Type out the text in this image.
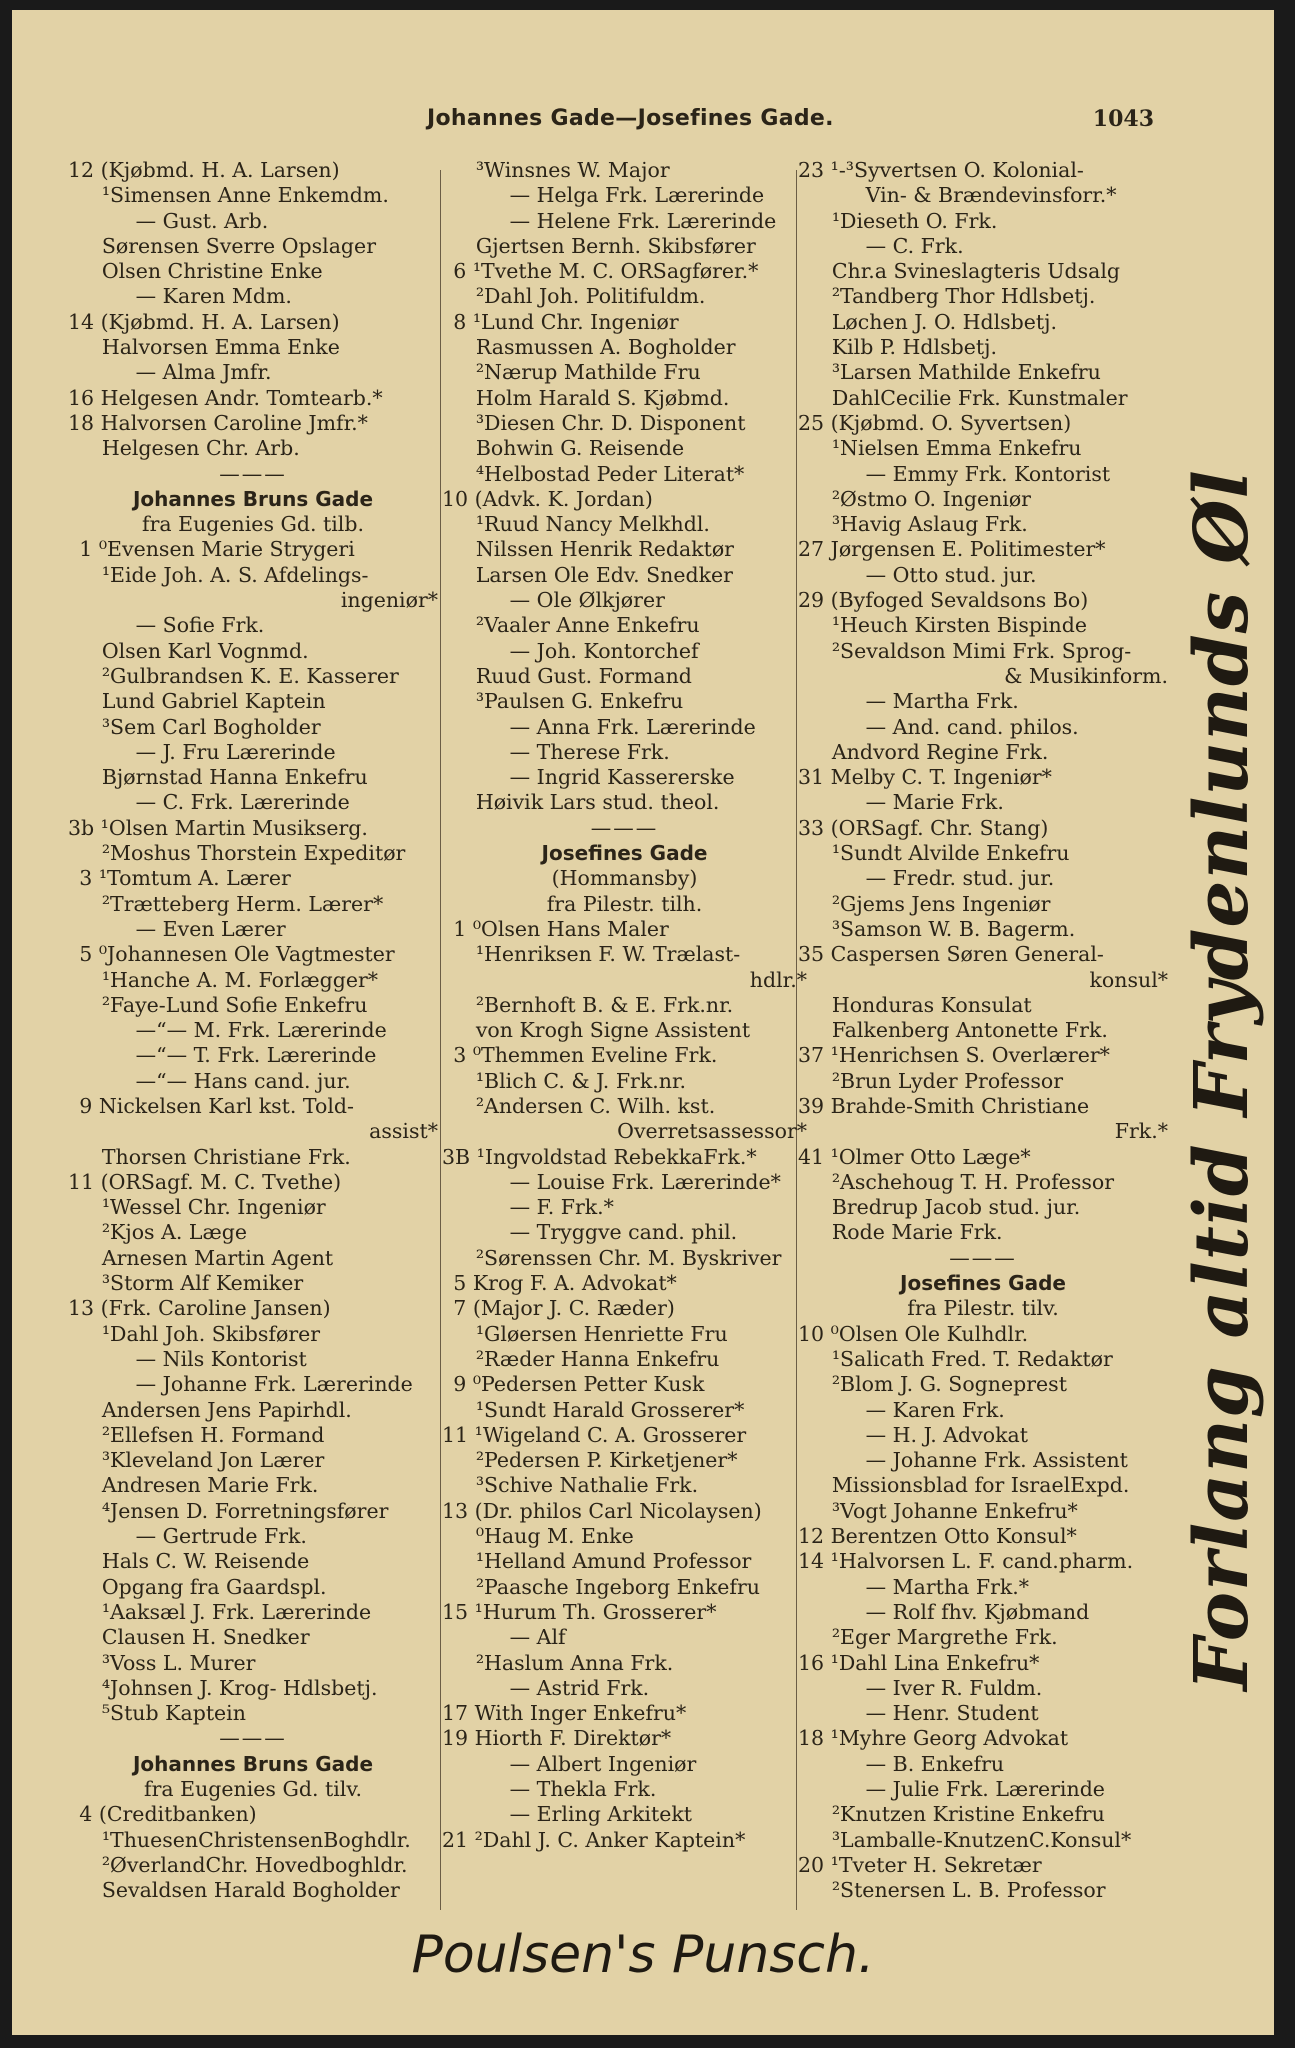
Johannes Gade—Josefines Gade.	1043
12 (Kjøbmd. H. A. Larsen)
¹Simensen Anne Enkemdm.
— Gust. Arb.
Sørensen Sverre Opslager
Olsen Christine Enke
— Karen Mdm.
14 (Kjøbmd. H. A. Larsen)
Halvorsen Emma Enke
— Alma Jmfr.
16 Helgesen Andr. Tomtearb.*
18 Halvorsen Caroline Jmfr.*
Helgesen Chr. Arb.
———
Johannes Bruns Gade
fra Eugenies Gd. tilb.
1 ⁰Evensen Marie Strygeri
¹Eide Joh. A. S. Afdelings-
ingeniør*
— Sofie Frk.
Olsen Karl Vognmd.
²Gulbrandsen K. E. Kasserer
Lund Gabriel Kaptein
³Sem Carl Bogholder
— J. Fru Lærerinde
Bjørnstad Hanna Enkefru
— C. Frk. Lærerinde
3b ¹Olsen Martin Musikserg.
²Moshus Thorstein Expeditør
3 ¹Tomtum A. Lærer
²Trætteberg Herm. Lærer*
— Even Lærer
5 ⁰Johannesen Ole Vagtmester
¹Hanche A. M. Forlægger*
²Faye-Lund Sofie Enkefru
—“— M. Frk. Lærerinde
—“— T. Frk. Lærerinde
—“— Hans cand. jur.
9 Nickelsen Karl kst. Told-
assist*
Thorsen Christiane Frk.
11 (ORSagf. M. C. Tvethe)
¹Wessel Chr. Ingeniør
²Kjos A. Læge
Arnesen Martin Agent
³Storm Alf Kemiker
13 (Frk. Caroline Jansen)
¹Dahl Joh. Skibsfører
— Nils Kontorist
— Johanne Frk. Lærerinde
Andersen Jens Papirhdl.
²Ellefsen H. Formand
³Kleveland Jon Lærer
Andresen Marie Frk.
⁴Jensen D. Forretningsfører
— Gertrude Frk.
Hals C. W. Reisende
Opgang fra Gaardspl.
¹Aaksæl J. Frk. Lærerinde
Clausen H. Snedker
³Voss L. Murer
⁴Johnsen J. Krog- Hdlsbetj.
⁵Stub Kaptein
———
Johannes Bruns Gade
fra Eugenies Gd. tilv.
4 (Creditbanken)
¹ThuesenChristensenBoghdlr.
²ØverlandChr. Hovedboghldr.
Sevaldsen Harald Bogholder
³Winsnes W. Major
— Helga Frk. Lærerinde
— Helene Frk. Lærerinde
Gjertsen Bernh. Skibsfører
6 ¹Tvethe M. C. ORSagfører.*
²Dahl Joh. Politifuldm.
8 ¹Lund Chr. Ingeniør
Rasmussen A. Bogholder
²Nærup Mathilde Fru
Holm Harald S. Kjøbmd.
³Diesen Chr. D. Disponent
Bohwin G. Reisende
⁴Helbostad Peder Literat*
10 (Advk. K. Jordan)
¹Ruud Nancy Melkhdl.
Nilssen Henrik Redaktør
Larsen Ole Edv. Snedker
— Ole Ølkjører
²Vaaler Anne Enkefru
— Joh. Kontorchef
Ruud Gust. Formand
³Paulsen G. Enkefru
— Anna Frk. Lærerinde
— Therese Frk.
— Ingrid Kassererske
Høivik Lars stud. theol.
———
Josefines Gade
(Hommansby)
fra Pilestr. tilh.
1 ⁰Olsen Hans Maler
¹Henriksen F. W. Trælast-
hdlr.*
²Bernhoft B. & E. Frk.nr.
von Krogh Signe Assistent
3 ⁰Themmen Eveline Frk.
¹Blich C. & J. Frk.nr.
²Andersen C. Wilh. kst.
Overretsassessor*
3B ¹Ingvoldstad RebekkaFrk.*
— Louise Frk. Lærerinde*
— F. Frk.*
— Tryggve cand. phil.
²Sørenssen Chr. M. Byskriver
5 Krog F. A. Advokat*
7 (Major J. C. Ræder)
¹Gløersen Henriette Fru
²Ræder Hanna Enkefru
9 ⁰Pedersen Petter Kusk
¹Sundt Harald Grosserer*
11 ¹Wigeland C. A. Grosserer
²Pedersen P. Kirketjener*
³Schive Nathalie Frk.
13 (Dr. philos Carl Nicolaysen)
⁰Haug M. Enke
¹Helland Amund Professor
²Paasche Ingeborg Enkefru
15 ¹Hurum Th. Grosserer*
— Alf
²Haslum Anna Frk.
— Astrid Frk.
17 With Inger Enkefru*
19 Hiorth F. Direktør*
— Albert Ingeniør
— Thekla Frk.
— Erling Arkitekt
21 ²Dahl J. C. Anker Kaptein*
23 ¹-³Syvertsen O. Kolonial-
Vin- & Brændevinsforr.*
¹Dieseth O. Frk.
— C. Frk.
Chr.a Svineslagteris Udsalg
²Tandberg Thor Hdlsbetj.
Løchen J. O. Hdlsbetj.
Kilb P. Hdlsbetj.
³Larsen Mathilde Enkefru
DahlCecilie Frk. Kunstmaler
25 (Kjøbmd. O. Syvertsen)
¹Nielsen Emma Enkefru
— Emmy Frk. Kontorist
²Østmo O. Ingeniør
³Havig Aslaug Frk.
27 Jørgensen E. Politimester*
— Otto stud. jur.
29 (Byfoged Sevaldsons Bo)
¹Heuch Kirsten Bispinde
²Sevaldson Mimi Frk. Sprog-
& Musikinform.
— Martha Frk.
— And. cand. philos.
Andvord Regine Frk.
31 Melby C. T. Ingeniør*
— Marie Frk.
33 (ORSagf. Chr. Stang)
¹Sundt Alvilde Enkefru
— Fredr. stud. jur.
²Gjems Jens Ingeniør
³Samson W. B. Bagerm.
35 Caspersen Søren General-
konsul*
Honduras Konsulat
Falkenberg Antonette Frk.
37 ¹Henrichsen S. Overlærer*
²Brun Lyder Professor
39 Brahde-Smith Christiane
Frk.*
41 ¹Olmer Otto Læge*
²Aschehoug T. H. Professor
Bredrup Jacob stud. jur.
Rode Marie Frk.
———
Josefines Gade
fra Pilestr. tilv.
10 ⁰Olsen Ole Kulhdlr.
¹Salicath Fred. T. Redaktør
²Blom J. G. Sogneprest
— Karen Frk.
— H. J. Advokat
— Johanne Frk. Assistent
Missionsblad for IsraelExpd.
³Vogt Johanne Enkefru*
12 Berentzen Otto Konsul*
14 ¹Halvorsen L. F. cand.pharm.
— Martha Frk.*
— Rolf fhv. Kjøbmand
²Eger Margrethe Frk.
16 ¹Dahl Lina Enkefru*
— Iver R. Fuldm.
— Henr. Student
18 ¹Myhre Georg Advokat
— B. Enkefru
— Julie Frk. Lærerinde
²Knutzen Kristine Enkefru
³Lamballe-KnutzenC.Konsul*
20 ¹Tveter H. Sekretær
²Stenersen L. B. Professor
Forlang altid Frydenlunds Øl
Poulsen's Punsch.
